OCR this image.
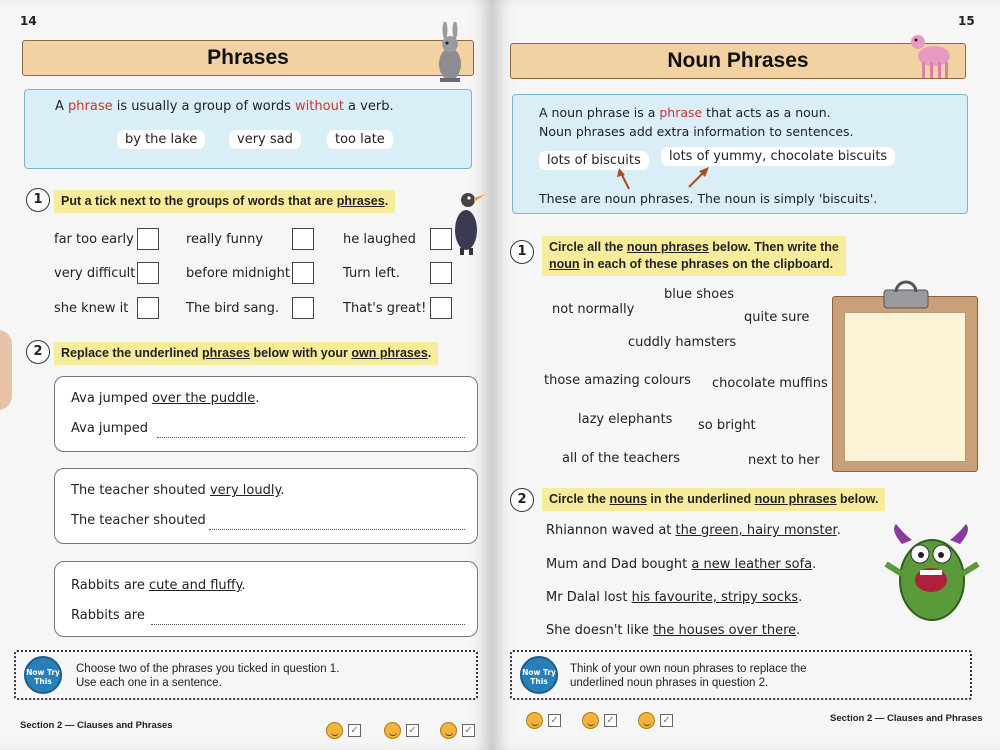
14
Phrases
A phrase is usually a group of words without a verb.
by the lake	very sad	too late
1	Put a tick next to the groups of words that are phrases.
far too early	really funny	he laughed
very difficult	before midnight	Turn left.
she knew it	The bird sang.	That's great!
2	Replace the underlined phrases below with your own phrases.
Ava jumped over the puddle.
Ava jumped
The teacher shouted very loudly.
The teacher shouted
Rabbits are cute and fluffy.
Rabbits are
Now Try
This
Choose two of the phrases you ticked in question 1.
Use each one in a sentence.
Section 2 — Clauses and Phrases	✓	✓	✓
15
Noun Phrases
A noun phrase is a phrase that acts as a noun.
Noun phrases add extra information to sentences.
lots of biscuits	lots of yummy, chocolate biscuits
These are noun phrases. The noun is simply 'biscuits'.
1	Circle all the noun phrases below. Then write the
noun in each of these phrases on the clipboard.
not normally
blue shoes
quite sure
cuddly hamsters
those amazing colours chocolate muffins
lazy elephants so bright
all of the teachers	next to her
2	Circle the nouns in the underlined noun phrases below.
Rhiannon waved at the green, hairy monster.
Mum and Dad bought a new leather sofa.
Mr Dalal lost his favourite, stripy socks.
She doesn't like the houses over there.
Now Try
This
Think of your own noun phrases to replace the
underlined noun phrases in question 2.
✓	✓	✓	Section 2 — Clauses and Phrases
